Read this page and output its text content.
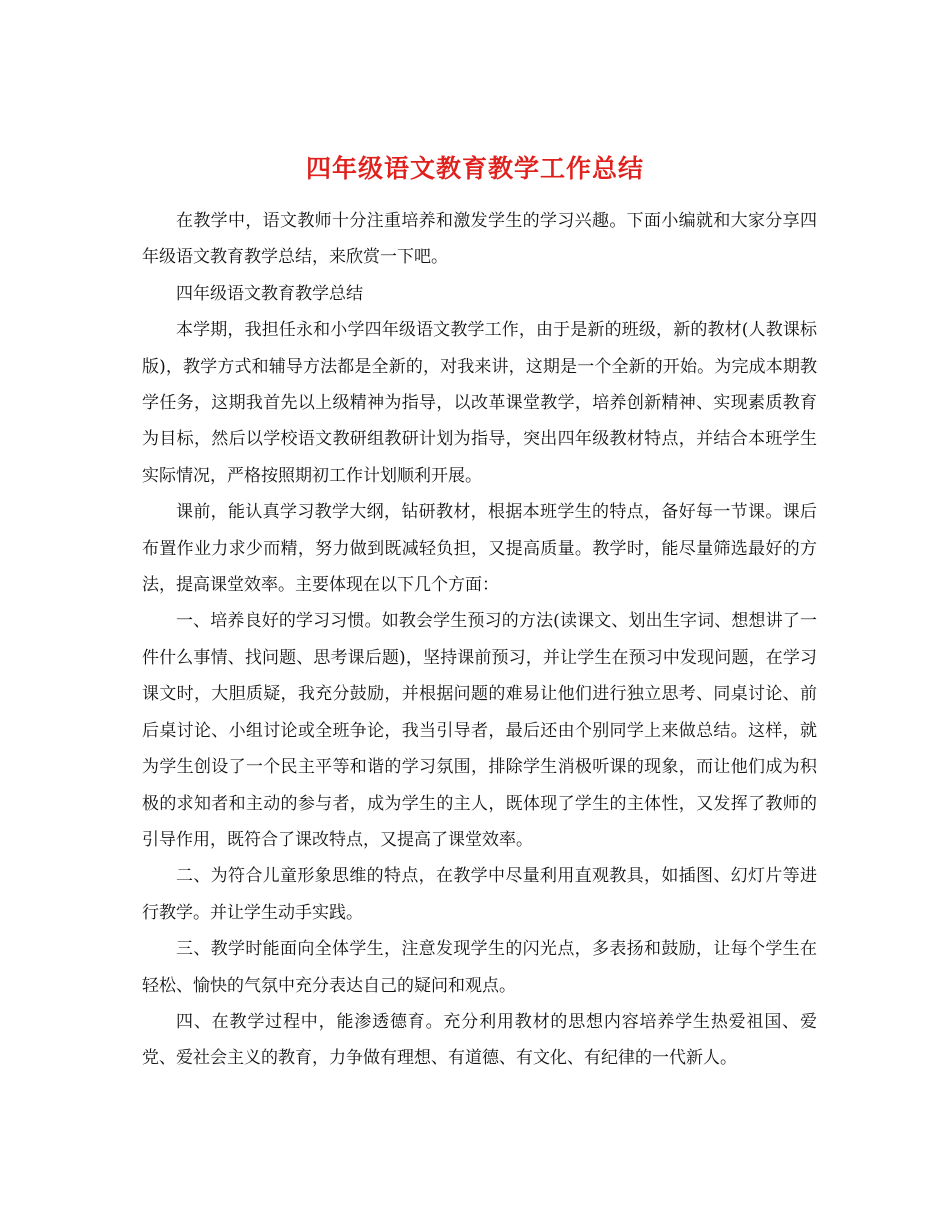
四年级语文教育教学工作总结

在教学中，语文教师十分注重培养和激发学生的学习兴趣。下面小编就和大家分享四年级语文教育教学总结，来欣赏一下吧。

四年级语文教育教学总结

本学期，我担任永和小学四年级语文教学工作，由于是新的班级，新的教材(人教课标版)，教学方式和辅导方法都是全新的，对我来讲，这期是一个全新的开始。为完成本期教学任务，这期我首先以上级精神为指导，以改革课堂教学，培养创新精神、实现素质教育为目标，然后以学校语文教研组教研计划为指导，突出四年级教材特点，并结合本班学生实际情况，严格按照期初工作计划顺利开展。

课前，能认真学习教学大纲，钻研教材，根据本班学生的特点，备好每一节课。课后布置作业力求少而精，努力做到既减轻负担，又提高质量。教学时，能尽量筛选最好的方法，提高课堂效率。主要体现在以下几个方面：

一、培养良好的学习习惯。如教会学生预习的方法(读课文、划出生字词、想想讲了一件什么事情、找问题、思考课后题)，坚持课前预习，并让学生在预习中发现问题，在学习课文时，大胆质疑，我充分鼓励，并根据问题的难易让他们进行独立思考、同桌讨论、前后桌讨论、小组讨论或全班争论，我当引导者，最后还由个别同学上来做总结。这样，就为学生创设了一个民主平等和谐的学习氛围，排除学生消极听课的现象，而让他们成为积极的求知者和主动的参与者，成为学生的主人，既体现了学生的主体性，又发挥了教师的引导作用，既符合了课改特点，又提高了课堂效率。

二、为符合儿童形象思维的特点，在教学中尽量利用直观教具，如插图、幻灯片等进行教学。并让学生动手实践。

三、教学时能面向全体学生，注意发现学生的闪光点，多表扬和鼓励，让每个学生在轻松、愉快的气氛中充分表达自己的疑问和观点。

四、在教学过程中，能渗透德育。充分利用教材的思想内容培养学生热爱祖国、爱党、爱社会主义的教育，力争做有理想、有道德、有文化、有纪律的一代新人。
